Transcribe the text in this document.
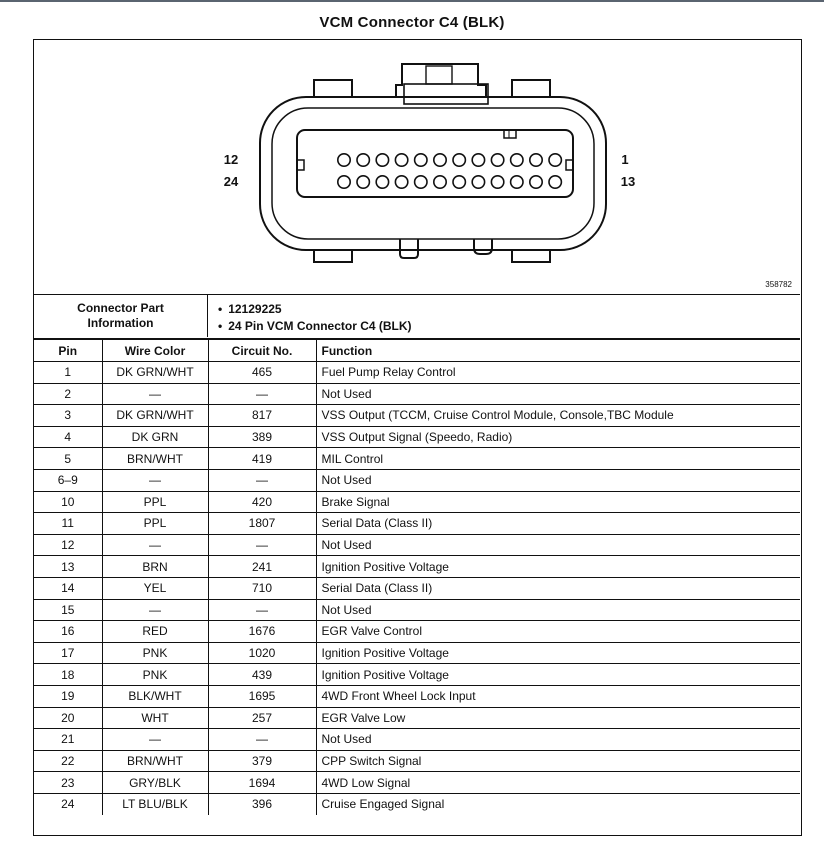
VCM Connector C4 (BLK)
12
24
1
13
358782
Connector Part
Information
• 12129225
• 24 Pin VCM Connector C4 (BLK)
Pin	Wire Color	Circuit No.	Function
1	DK GRN/WHT	465	Fuel Pump Relay Control
2	—	—	Not Used
3	DK GRN/WHT	817	VSS Output (TCCM, Cruise Control Module, Console,TBC Module
4	DK GRN	389	VSS Output Signal (Speedo, Radio)
5	BRN/WHT	419	MIL Control
6–9	—	—	Not Used
10	PPL	420	Brake Signal
11	PPL	1807	Serial Data (Class II)
12	—	—	Not Used
13	BRN	241	Ignition Positive Voltage
14	YEL	710	Serial Data (Class II)
15	—	—	Not Used
16	RED	1676	EGR Valve Control
17	PNK	1020	Ignition Positive Voltage
18	PNK	439	Ignition Positive Voltage
19	BLK/WHT	1695	4WD Front Wheel Lock Input
20	WHT	257	EGR Valve Low
21	—	—	Not Used
22	BRN/WHT	379	CPP Switch Signal
23	GRY/BLK	1694	4WD Low Signal
24	LT BLU/BLK	396	Cruise Engaged Signal
